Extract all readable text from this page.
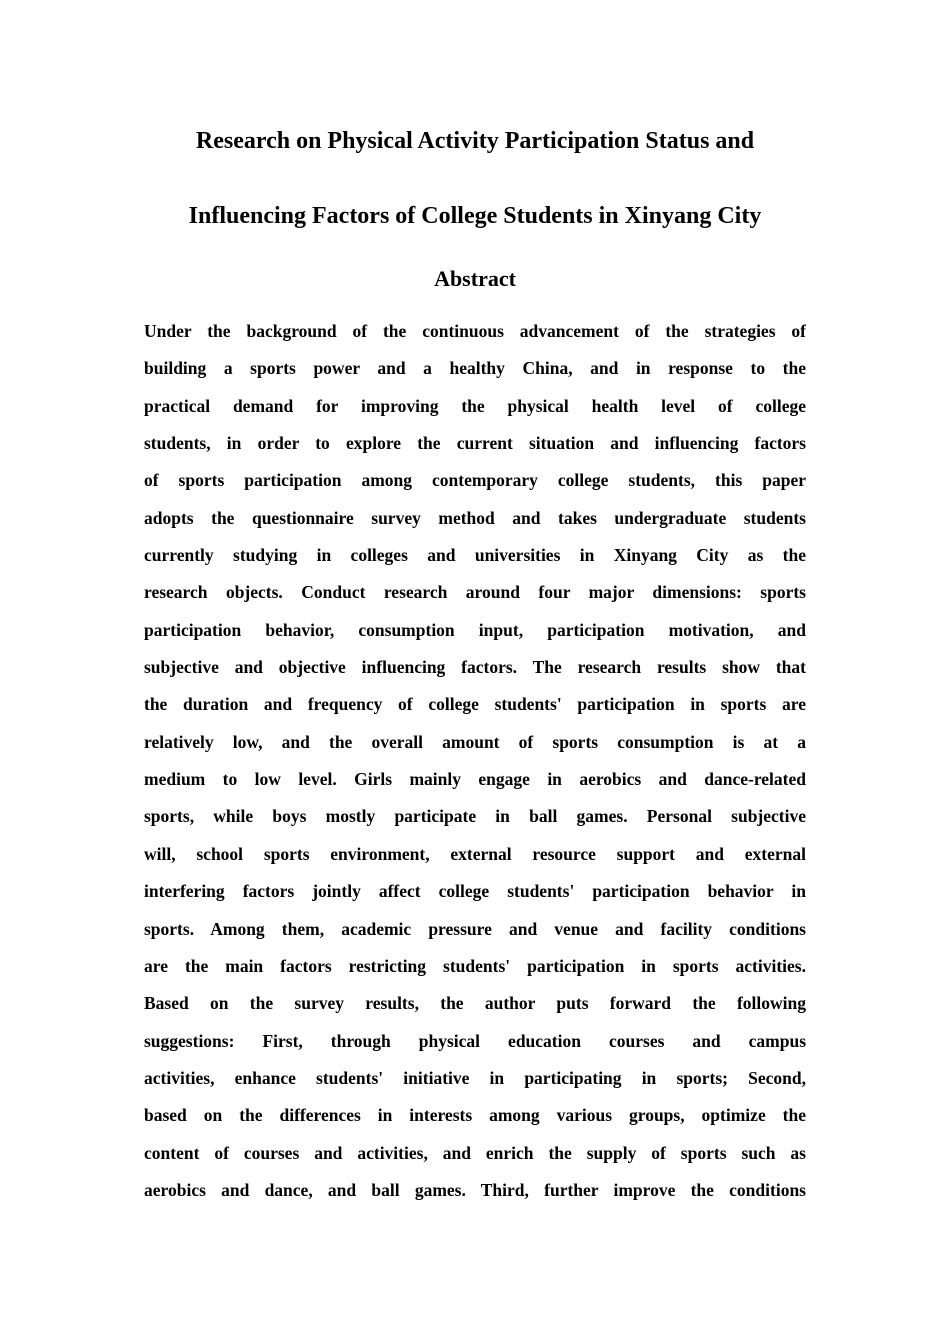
Research on Physical Activity Participation Status and
Influencing Factors of College Students in Xinyang City
Abstract
Under the background of the continuous advancement of the strategies of
building a sports power and a healthy China, and in response to the
practical demand for improving the physical health level of college
students, in order to explore the current situation and influencing factors
of sports participation among contemporary college students, this paper
adopts the questionnaire survey method and takes undergraduate students
currently studying in colleges and universities in Xinyang City as the
research objects. Conduct research around four major dimensions: sports
participation behavior, consumption input, participation motivation, and
subjective and objective influencing factors. The research results show that
the duration and frequency of college students' participation in sports are
relatively low, and the overall amount of sports consumption is at a
medium to low level. Girls mainly engage in aerobics and dance-related
sports, while boys mostly participate in ball games. Personal subjective
will, school sports environment, external resource support and external
interfering factors jointly affect college students' participation behavior in
sports. Among them, academic pressure and venue and facility conditions
are the main factors restricting students' participation in sports activities.
Based on the survey results, the author puts forward the following
suggestions: First, through physical education courses and campus
activities, enhance students' initiative in participating in sports; Second,
based on the differences in interests among various groups, optimize the
content of courses and activities, and enrich the supply of sports such as
aerobics and dance, and ball games. Third, further improve the conditions
